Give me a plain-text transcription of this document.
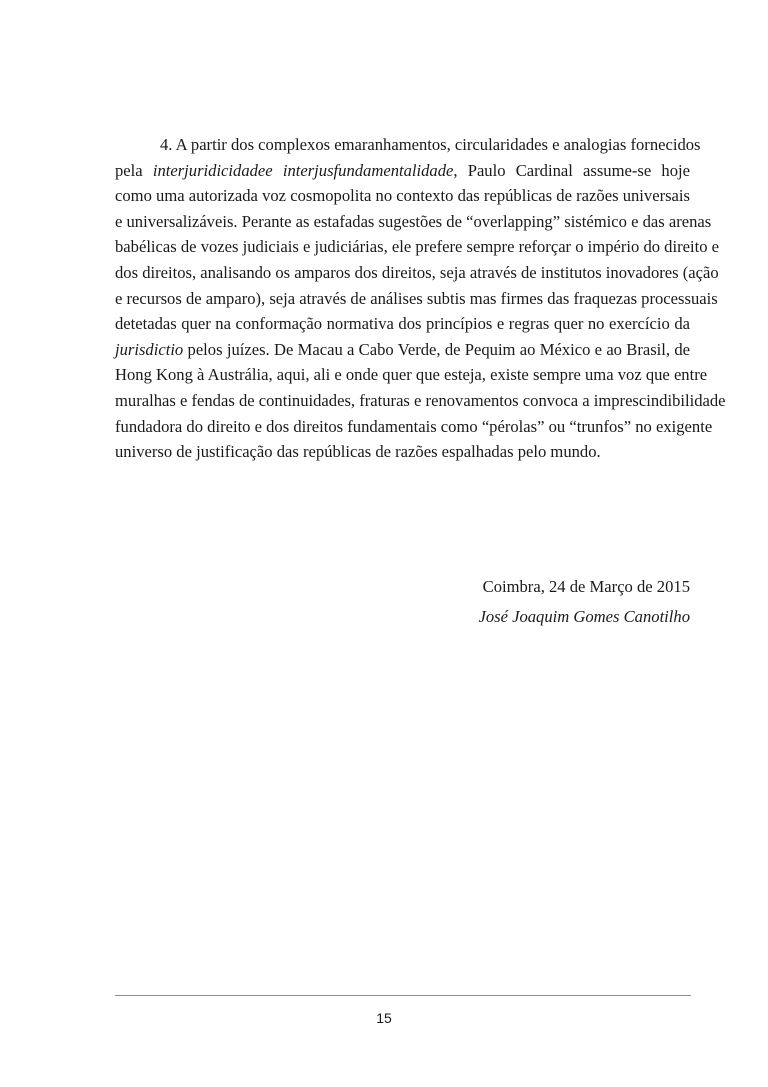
4. A partir dos complexos emaranhamentos, circularidades e analogias fornecidos
pela interjuridicidadee interjusfundamentalidade, Paulo Cardinal assume-se hoje
como uma autorizada voz cosmopolita no contexto das repúblicas de razões universais
e universalizáveis. Perante as estafadas sugestões de “overlapping” sistémico e das arenas
babélicas de vozes judiciais e judiciárias, ele prefere sempre reforçar o império do direito e
dos direitos, analisando os amparos dos direitos, seja através de institutos inovadores (ação
e recursos de amparo), seja através de análises subtis mas firmes das fraquezas processuais
detetadas quer na conformação normativa dos princípios e regras quer no exercício da
jurisdictio pelos juízes. De Macau a Cabo Verde, de Pequim ao México e ao Brasil, de
Hong Kong à Austrália, aqui, ali e onde quer que esteja, existe sempre uma voz que entre
muralhas e fendas de continuidades, fraturas e renovamentos convoca a imprescindibilidade
fundadora do direito e dos direitos fundamentais como “pérolas” ou “trunfos” no exigente
universo de justificação das repúblicas de razões espalhadas pelo mundo.
Coimbra, 24 de Março de 2015
José Joaquim Gomes Canotilho
15
